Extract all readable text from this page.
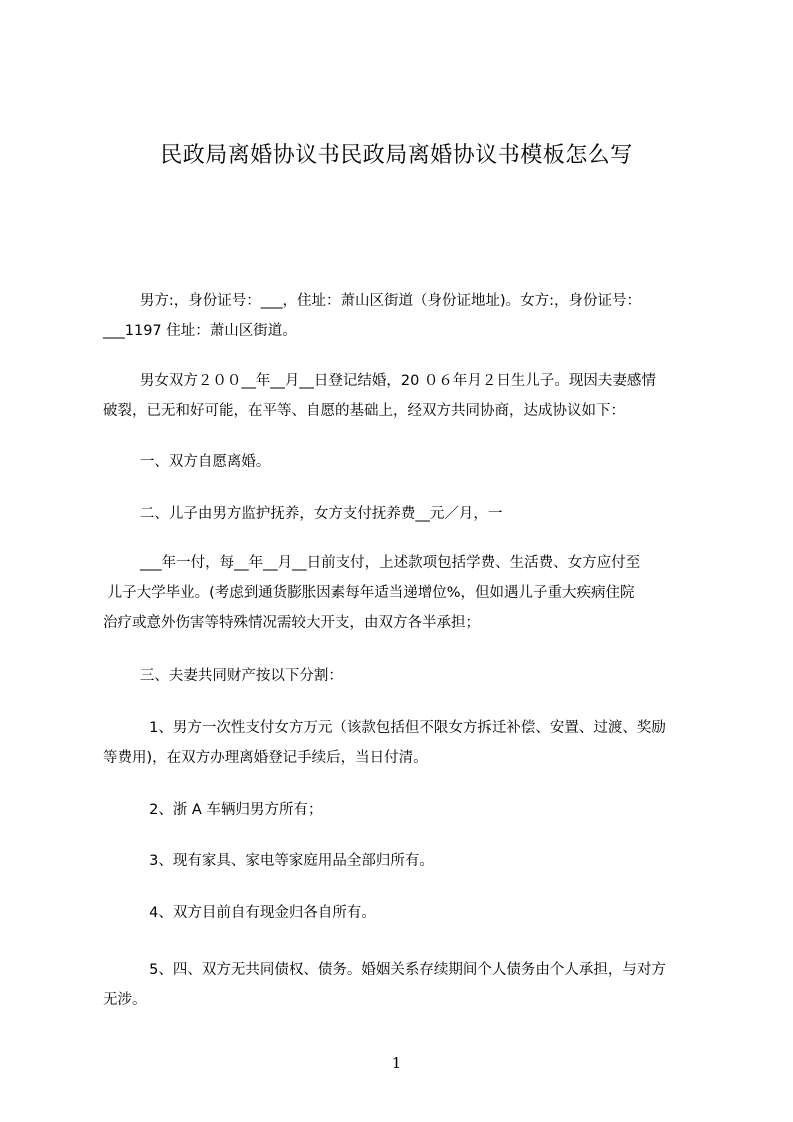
民政局离婚协议书民政局离婚协议书模板怎么写

男方:，身份证号：___，住址：萧山区街道（身份证地址)。女方:，身份证号：
___1197 住址：萧山区街道。

男女双方２００__年__月__日登记结婚，20 ０６年月２日生儿子。现因夫妻感情
破裂，已无和好可能，在平等、自愿的基础上，经双方共同协商，达成协议如下：

一、双方自愿离婚。

二、儿子由男方监护抚养，女方支付抚养费__元／月，一

___年一付，每__年__月__日前支付，上述款项包括学费、生活费、女方应付至
儿子大学毕业。(考虑到通货膨胀因素每年适当递增位%，但如遇儿子重大疾病住院
治疗或意外伤害等特殊情况需较大开支，由双方各半承担；

三、夫妻共同财产按以下分割：

1、男方一次性支付女方万元（该款包括但不限女方拆迁补偿、安置、过渡、奖励
等费用)，在双方办理离婚登记手续后，当日付清。

2、浙 A 车辆归男方所有；

3、现有家具、家电等家庭用品全部归所有。

4、双方目前自有现金归各自所有。

5、四、双方无共同债权、债务。婚姻关系存续期间个人债务由个人承担，与对方
无涉。

1
